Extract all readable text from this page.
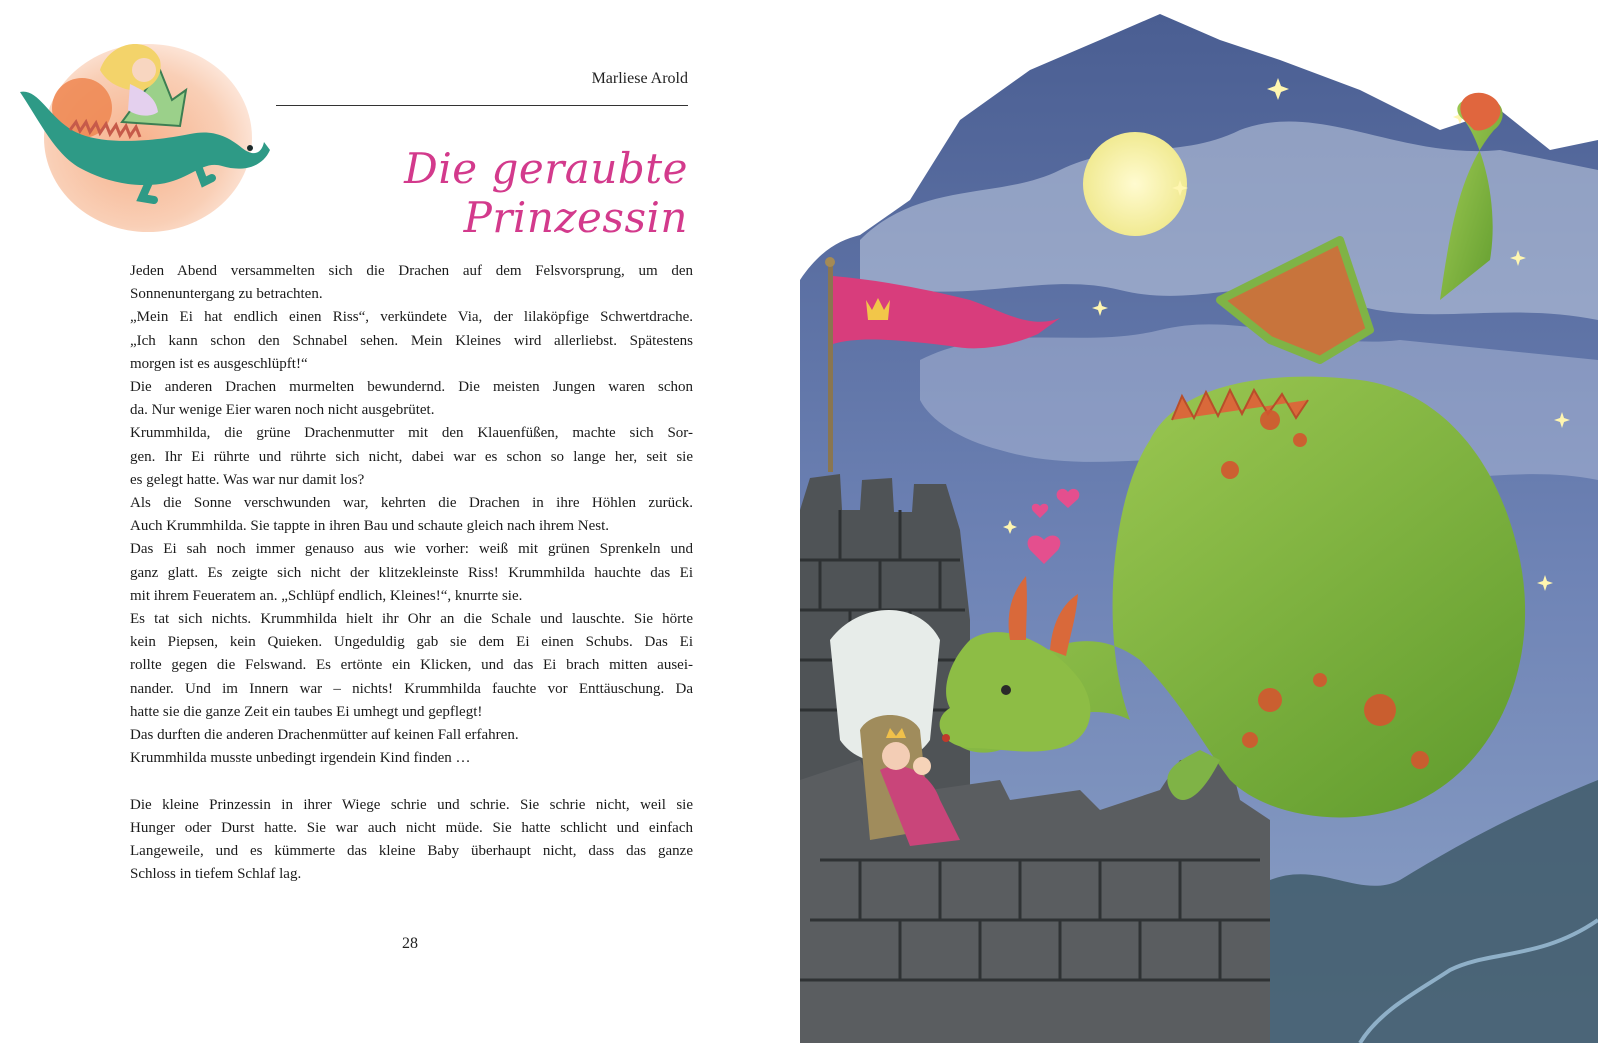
Marliese Arold
Die geraubte Prinzessin

Jeden Abend versammelten sich die Drachen auf dem Felsvorsprung, um den
Sonnenuntergang zu betrachten.
„Mein Ei hat endlich einen Riss“, verkündete Via, der lilaköpfige Schwertdrache.
„Ich kann schon den Schnabel sehen. Mein Kleines wird allerliebst. Spätestens
morgen ist es ausgeschlüpft!“
Die anderen Drachen murmelten bewundernd. Die meisten Jungen waren schon
da. Nur wenige Eier waren noch nicht ausgebrütet.
Krummhilda, die grüne Drachenmutter mit den Klauenfüßen, machte sich Sor-
gen. Ihr Ei rührte und rührte sich nicht, dabei war es schon so lange her, seit sie
es gelegt hatte. Was war nur damit los?
Als die Sonne verschwunden war, kehrten die Drachen in ihre Höhlen zurück.
Auch Krummhilda. Sie tappte in ihren Bau und schaute gleich nach ihrem Nest.
Das Ei sah noch immer genauso aus wie vorher: weiß mit grünen Sprenkeln und
ganz glatt. Es zeigte sich nicht der klitzekleinste Riss! Krummhilda hauchte das Ei
mit ihrem Feueratem an. „Schlüpf endlich, Kleines!“, knurrte sie.
Es tat sich nichts. Krummhilda hielt ihr Ohr an die Schale und lauschte. Sie hörte
kein Piepsen, kein Quieken. Ungeduldig gab sie dem Ei einen Schubs. Das Ei
rollte gegen die Felswand. Es ertönte ein Klicken, und das Ei brach mitten ausei-
nander. Und im Innern war – nichts! Krummhilda fauchte vor Enttäuschung. Da
hatte sie die ganze Zeit ein taubes Ei umhegt und gepflegt!
Das durften die anderen Drachenmütter auf keinen Fall erfahren.
Krummhilda musste unbedingt irgendein Kind finden …

Die kleine Prinzessin in ihrer Wiege schrie und schrie. Sie schrie nicht, weil sie
Hunger oder Durst hatte. Sie war auch nicht müde. Sie hatte schlicht und einfach
Langeweile, und es kümmerte das kleine Baby überhaupt nicht, dass das ganze
Schloss in tiefem Schlaf lag.

28
